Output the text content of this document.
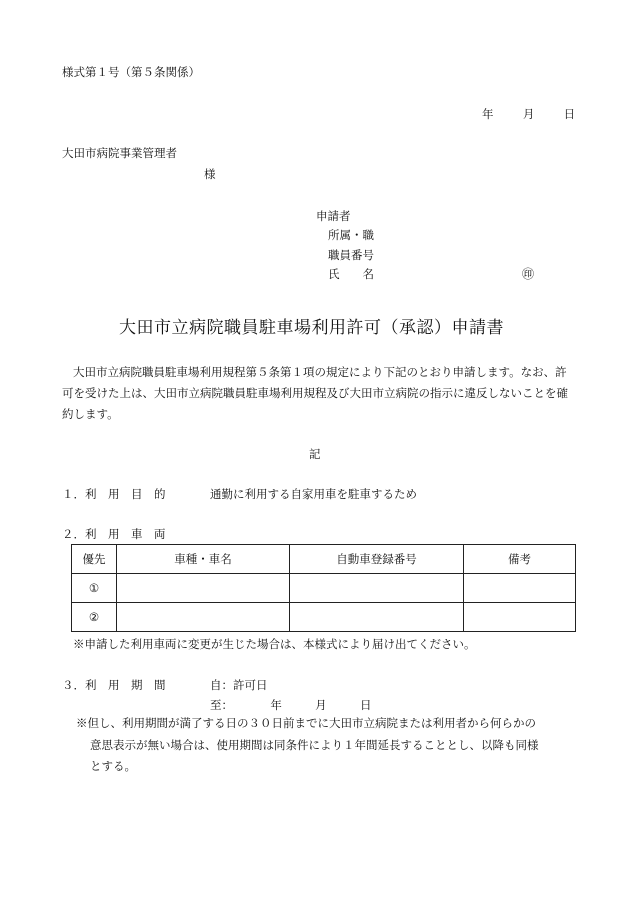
様式第１号（第５条関係）
年	月	日
大田市病院事業管理者
様
申請者
所属・職
職員番号
氏　　名	㊞
大田市立病院職員駐車場利用許可（承認）申請書
大田市立病院職員駐車場利用規程第５条第１項の規定により下記のとおり申請します。なお、許可を受けた上は、大田市立病院職員駐車場利用規程及び大田市立病院の指示に違反しないことを確約します。
記
１．利　用　目　的	通勤に利用する自家用車を駐車するため
２．利　用　車　両
優先	車種・車名	自動車登録番号	備考
①			
②			
※申請した利用車両に変更が生じた場合は、本様式により届け出てください。
３．利　用　期　間	自：許可日
至：	年	月	日
※但し、利用期間が満了する日の３０日前までに大田市立病院または利用者から何らかの
意思表示が無い場合は、使用期間は同条件により１年間延長することとし、以降も同様
とする。
